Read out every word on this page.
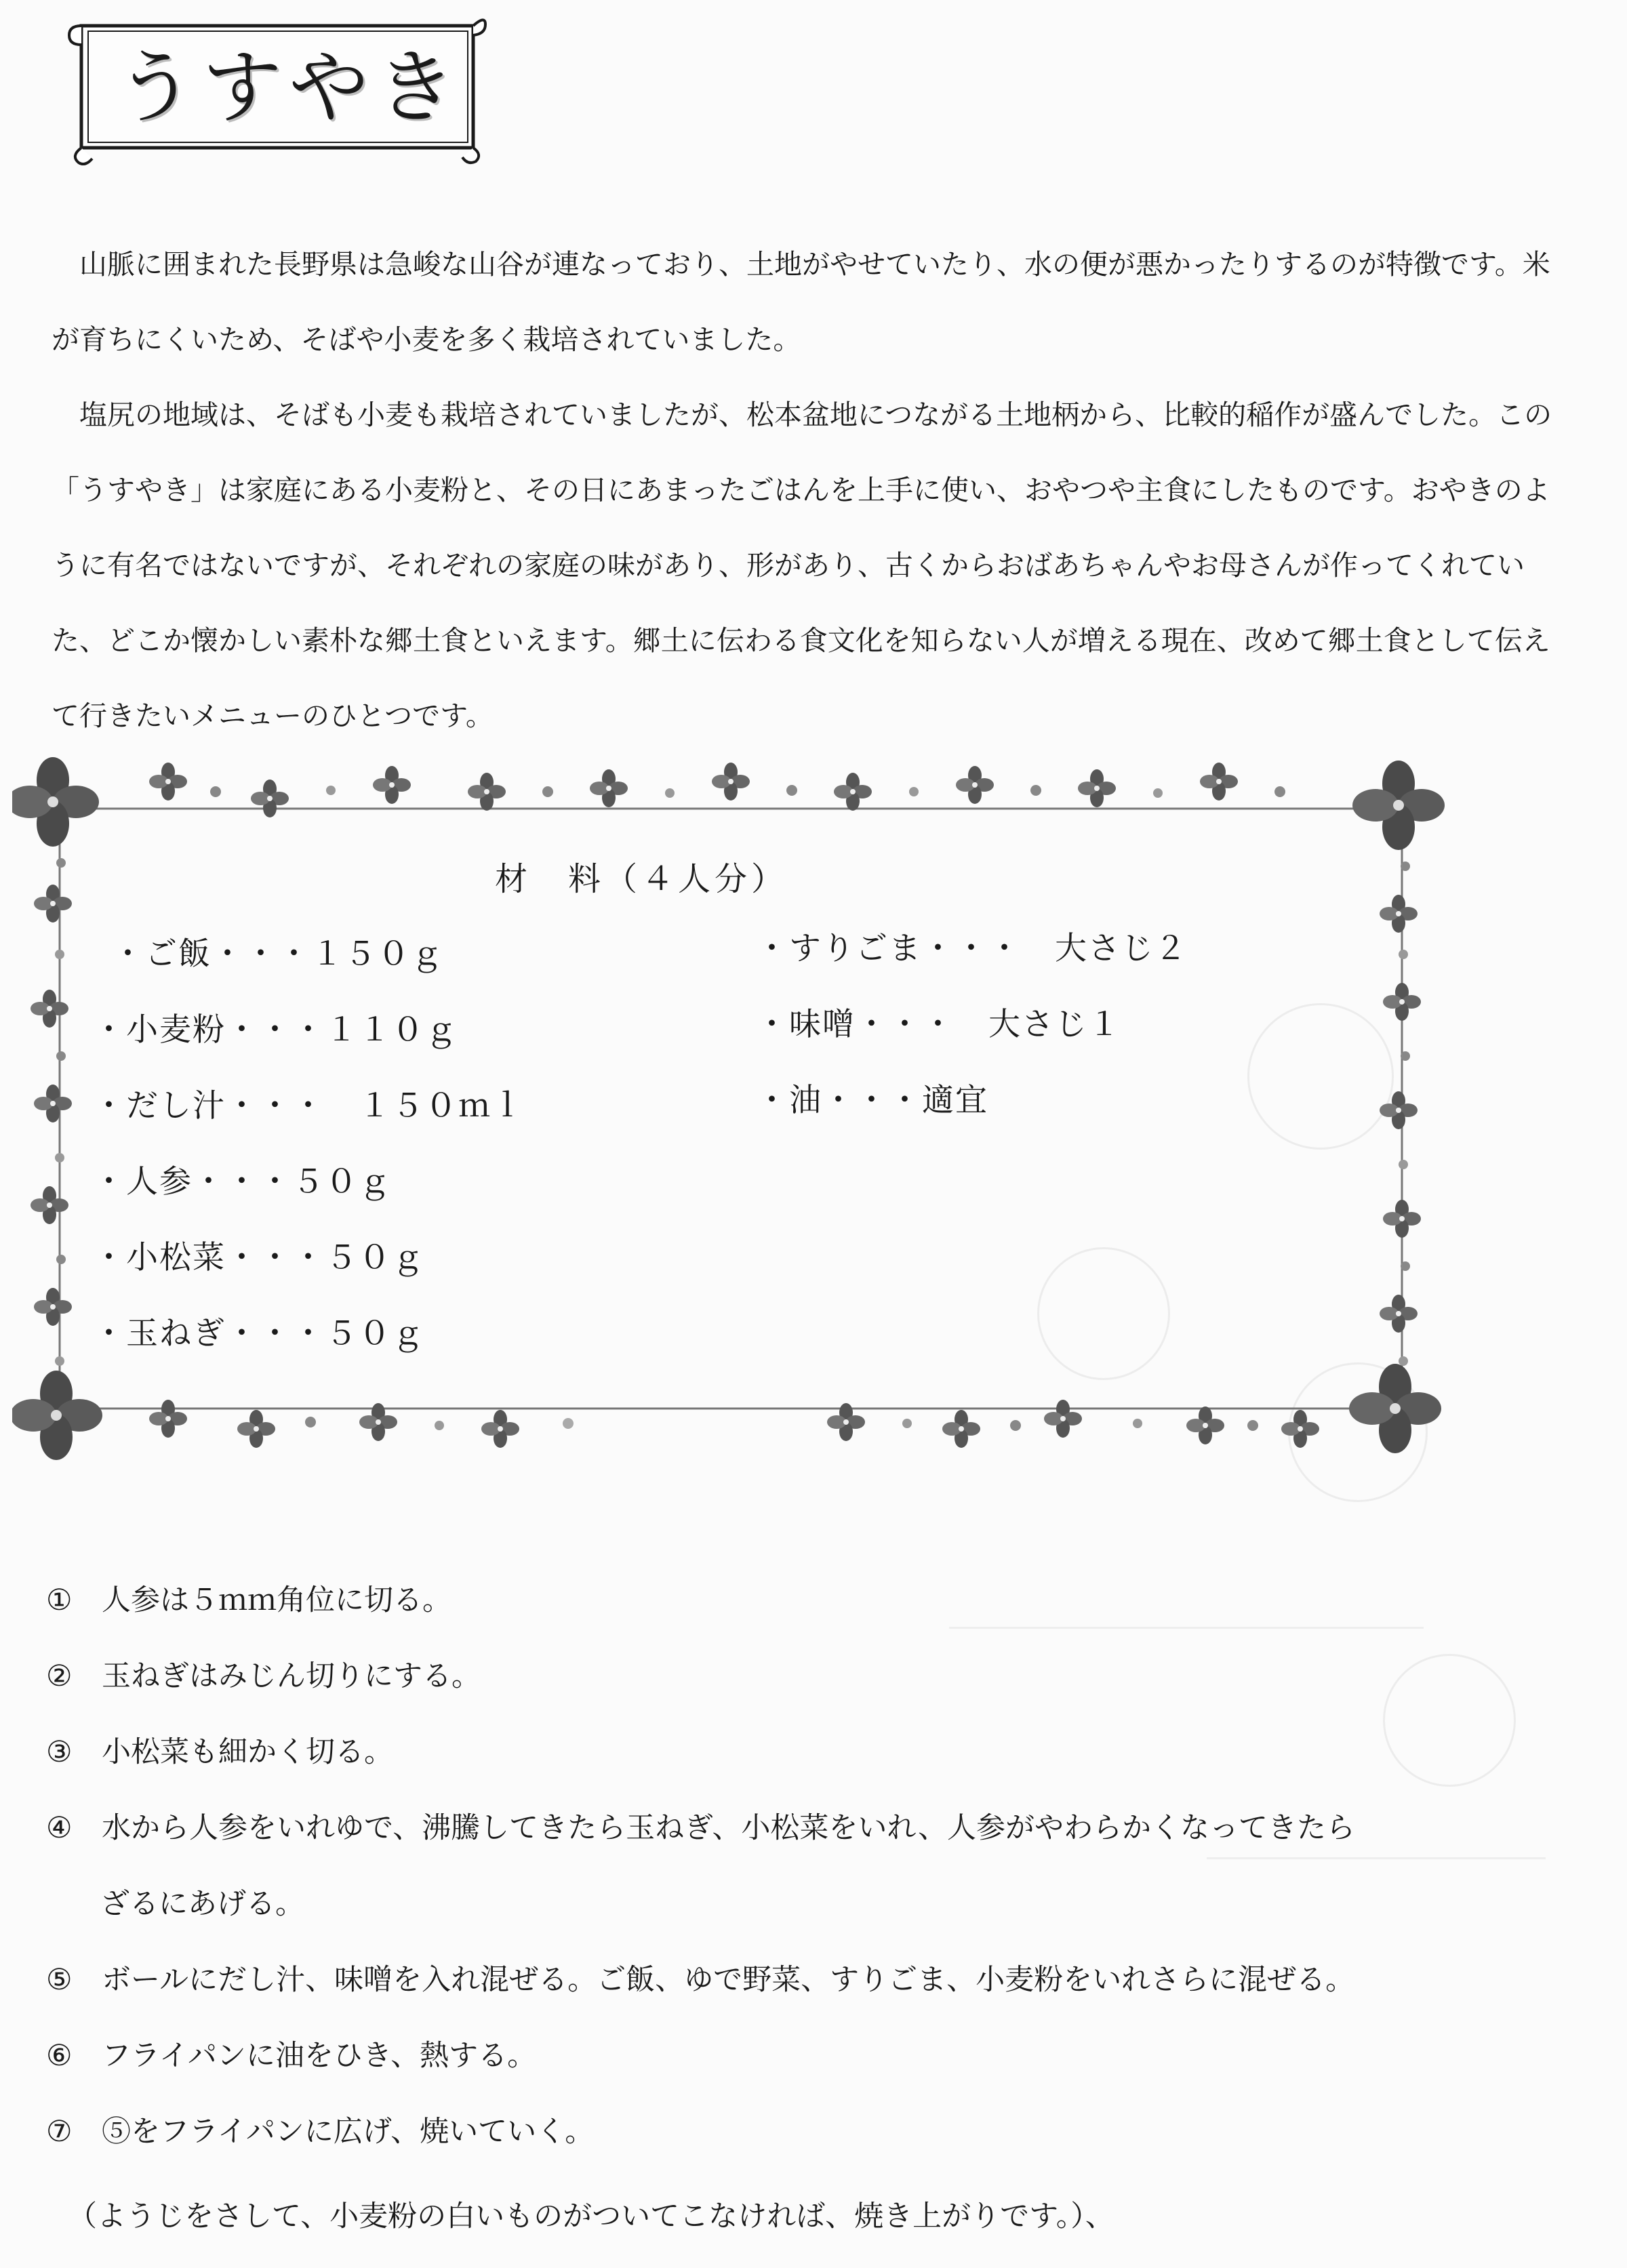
うすやき

山脈に囲まれた長野県は急峻な山谷が連なっており、土地がやせていたり、水の便が悪かったりするのが特徴です。米が育ちにくいため、そばや小麦を多く栽培されていました。

塩尻の地域は、そばも小麦も栽培されていましたが、松本盆地につながる土地柄から、比較的稲作が盛んでした。この「うすやき」は家庭にある小麦粉と、その日にあまったごはんを上手に使い、おやつや主食にしたものです。おやきのように有名ではないですが、それぞれの家庭の味があり、形があり、古くからおばあちゃんやお母さんが作ってくれていた、どこか懐かしい素朴な郷土食といえます。郷土に伝わる食文化を知らない人が増える現在、改めて郷土食として伝えて行きたいメニューのひとつです。

材　料（４人分）
・ご飯・・・１５０ｇ
・小麦粉・・・１１０ｇ
・だし汁・・・　１５０ｍｌ
・人参・・・５０ｇ
・小松菜・・・５０ｇ
・玉ねぎ・・・５０ｇ
・すりごま・・・　大さじ２
・味噌・・・　大さじ１
・油・・・適宜
① 人参は５ｍｍ角位に切る。
② 玉ねぎはみじん切りにする。
③ 小松菜も細かく切る。
④ 水から人参をいれゆで、沸騰してきたら玉ねぎ、小松菜をいれ、人参がやわらかくなってきたら
ざるにあげる。
⑤ ボールにだし汁、味噌を入れ混ぜる。ご飯、ゆで野菜、すりごま、小麦粉をいれさらに混ぜる。
⑥ フライパンに油をひき、熱する。
⑦ ⑤をフライパンに広げ、焼いていく。
（ようじをさして、小麦粉の白いものがついてこなければ、焼き上がりです。）、
